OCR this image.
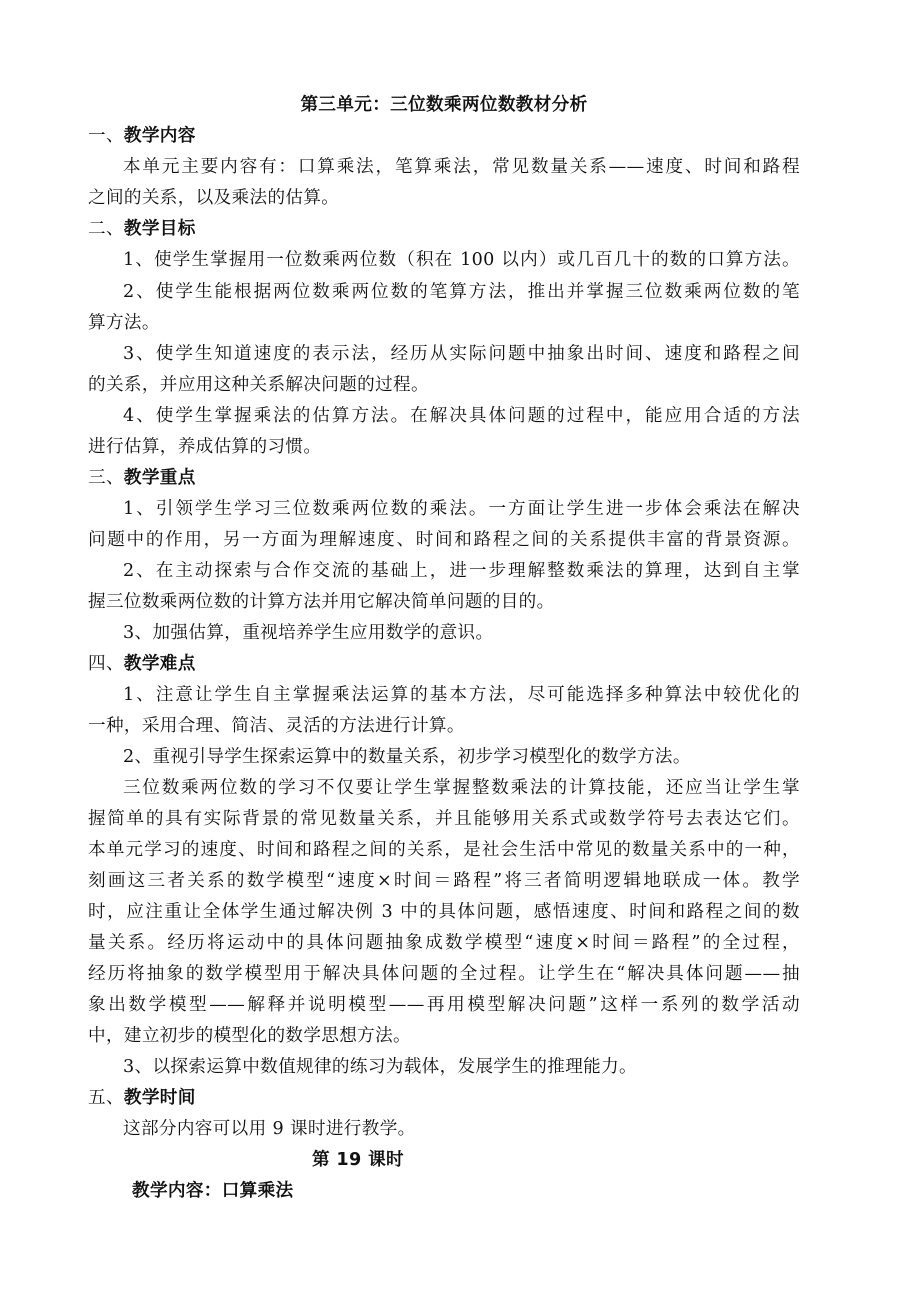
第三单元：三位数乘两位数教材分析
一、教学内容
本单元主要内容有：口算乘法，笔算乘法，常见数量关系——速度、时间和路程
之间的关系，以及乘法的估算。
二、教学目标
1、使学生掌握用一位数乘两位数（积在 100 以内）或几百几十的数的口算方法。
2、使学生能根据两位数乘两位数的笔算方法，推出并掌握三位数乘两位数的笔
算方法。
3、使学生知道速度的表示法，经历从实际问题中抽象出时间、速度和路程之间
的关系，并应用这种关系解决问题的过程。
4、使学生掌握乘法的估算方法。在解决具体问题的过程中，能应用合适的方法
进行估算，养成估算的习惯。
三、教学重点
1、引领学生学习三位数乘两位数的乘法。一方面让学生进一步体会乘法在解决
问题中的作用，另一方面为理解速度、时间和路程之间的关系提供丰富的背景资源。
2、在主动探索与合作交流的基础上，进一步理解整数乘法的算理，达到自主掌
握三位数乘两位数的计算方法并用它解决简单问题的目的。
3、加强估算，重视培养学生应用数学的意识。
四、教学难点
1、注意让学生自主掌握乘法运算的基本方法，尽可能选择多种算法中较优化的
一种，采用合理、简洁、灵活的方法进行计算。
2、重视引导学生探索运算中的数量关系，初步学习模型化的数学方法。
三位数乘两位数的学习不仅要让学生掌握整数乘法的计算技能，还应当让学生掌
握简单的具有实际背景的常见数量关系，并且能够用关系式或数学符号去表达它们。
本单元学习的速度、时间和路程之间的关系，是社会生活中常见的数量关系中的一种，
刻画这三者关系的数学模型“速度×时间＝路程”将三者简明逻辑地联成一体。教学
时，应注重让全体学生通过解决例 3 中的具体问题，感悟速度、时间和路程之间的数
量关系。经历将运动中的具体问题抽象成数学模型“速度×时间＝路程”的全过程，
经历将抽象的数学模型用于解决具体问题的全过程。让学生在“解决具体问题——抽
象出数学模型——解释并说明模型——再用模型解决问题”这样一系列的数学活动
中，建立初步的模型化的数学思想方法。
3、以探索运算中数值规律的练习为载体，发展学生的推理能力。
五、教学时间
这部分内容可以用 9 课时进行教学。
第 19 课时
教学内容：口算乘法
